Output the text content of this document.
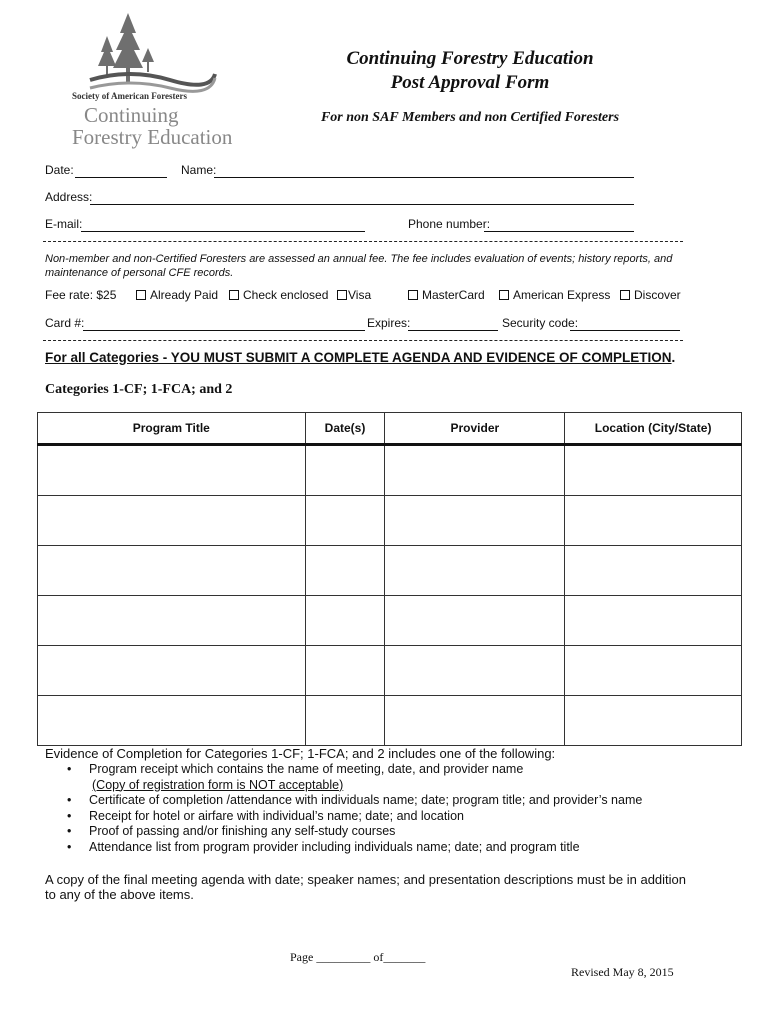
Society of American Foresters
Continuing
Forestry Education
Continuing Forestry Education
Post Approval Form
For non SAF Members and non Certified Foresters
Date:	Name:
Address:
E-mail:	Phone number:
Non-member and non-Certified Foresters are assessed an annual fee. The fee includes evaluation of events; history reports, and maintenance of personal CFE records.
Fee rate: $25	Already Paid	Check enclosed	Visa	MasterCard	American Express	Discover
Card #:	Expires:	Security code:
For all Categories - YOU MUST SUBMIT A COMPLETE AGENDA AND EVIDENCE OF COMPLETION.
Categories 1-CF; 1-FCA; and 2
Program Title	Date(s)	Provider	Location (City/State)

Evidence of Completion for Categories 1-CF; 1-FCA; and 2 includes one of the following:
• Program receipt which contains the name of meeting, date, and provider name
(Copy of registration form is NOT acceptable)
• Certificate of completion /attendance with individuals name; date; program title; and provider’s name
• Receipt for hotel or airfare with individual’s name; date; and location
• Proof of passing and/or finishing any self-study courses
• Attendance list from program provider including individuals name; date; and program title
A copy of the final meeting agenda with date; speaker names; and presentation descriptions must be in addition
to any of the above items.
Page _________ of_______
Revised May 8, 2015
